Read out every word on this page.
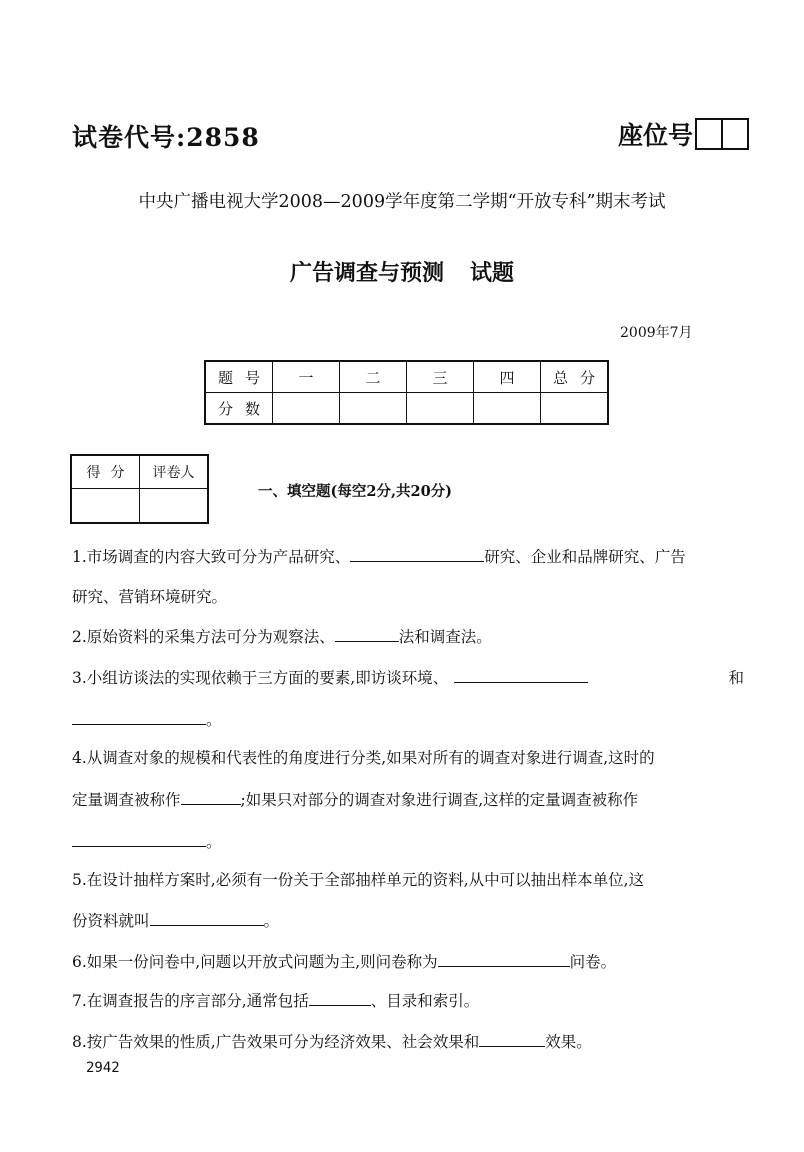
试卷代号:2858	座位号
中央广播电视大学2008—2009学年度第二学期“开放专科”期末考试
广告调查与预测 试题
2009年7月
题号	一	二	三	四	总分
分数					
得分	评卷人

一、填空题(每空2分,共20分)
1.市场调查的内容大致可分为产品研究、	研究、企业和品牌研究、广告
研究、营销环境研究。
2.原始资料的采集方法可分为观察法、	法和调查法。
3.小组访谈法的实现依赖于三方面的要素,即访谈环境、	和
。
4.从调查对象的规模和代表性的角度进行分类,如果对所有的调查对象进行调查,这时的
定量调查被称作	;如果只对部分的调查对象进行调查,这样的定量调查被称作
。
5.在设计抽样方案时,必须有一份关于全部抽样单元的资料,从中可以抽出样本单位,这
份资料就叫	。
6.如果一份问卷中,问题以开放式问题为主,则问卷称为	问卷。
7.在调查报告的序言部分,通常包括	、目录和索引。
8.按广告效果的性质,广告效果可分为经济效果、社会效果和	效果。
2942
